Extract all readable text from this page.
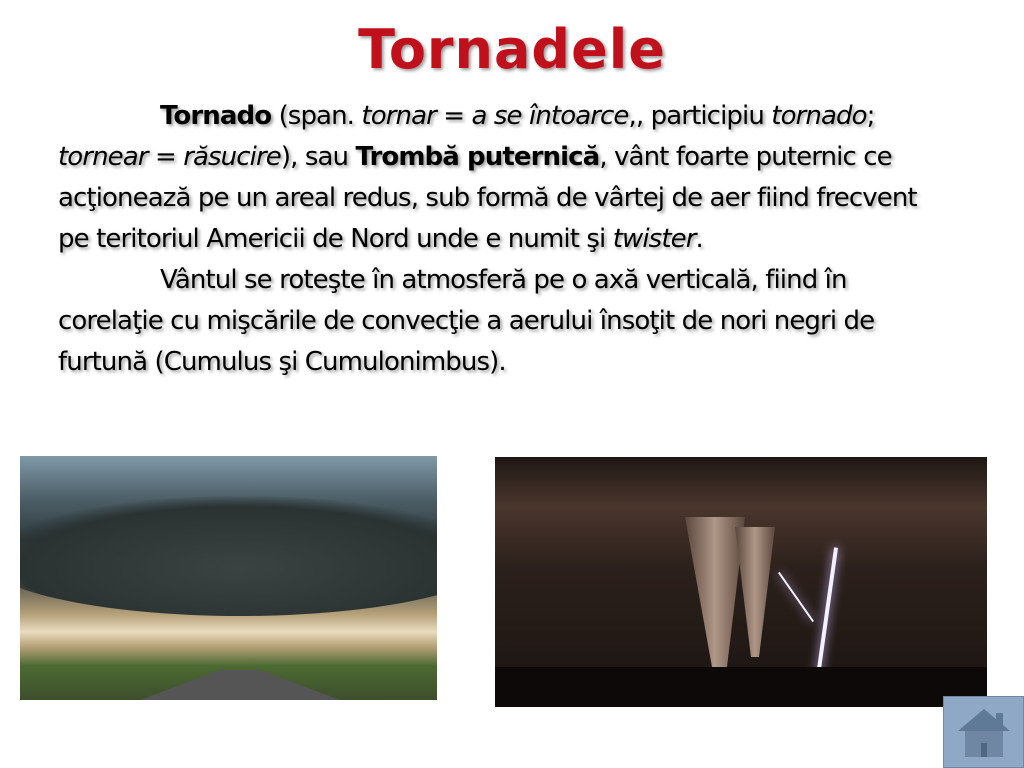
Tornadele

Tornado (span. tornar = a se întoarce,, participiu tornado; tornear = răsucire), sau Trombă puternică, vânt foarte puternic ce acţionează pe un areal redus, sub formă de vârtej de aer fiind frecvent pe teritoriul Americii de Nord unde e numit şi twister.

Vântul se roteşte în atmosferă pe o axă verticală, fiind în corelaţie cu mişcările de convecţie a aerului însoţit de nori negri de furtună (Cumulus şi Cumulonimbus).
